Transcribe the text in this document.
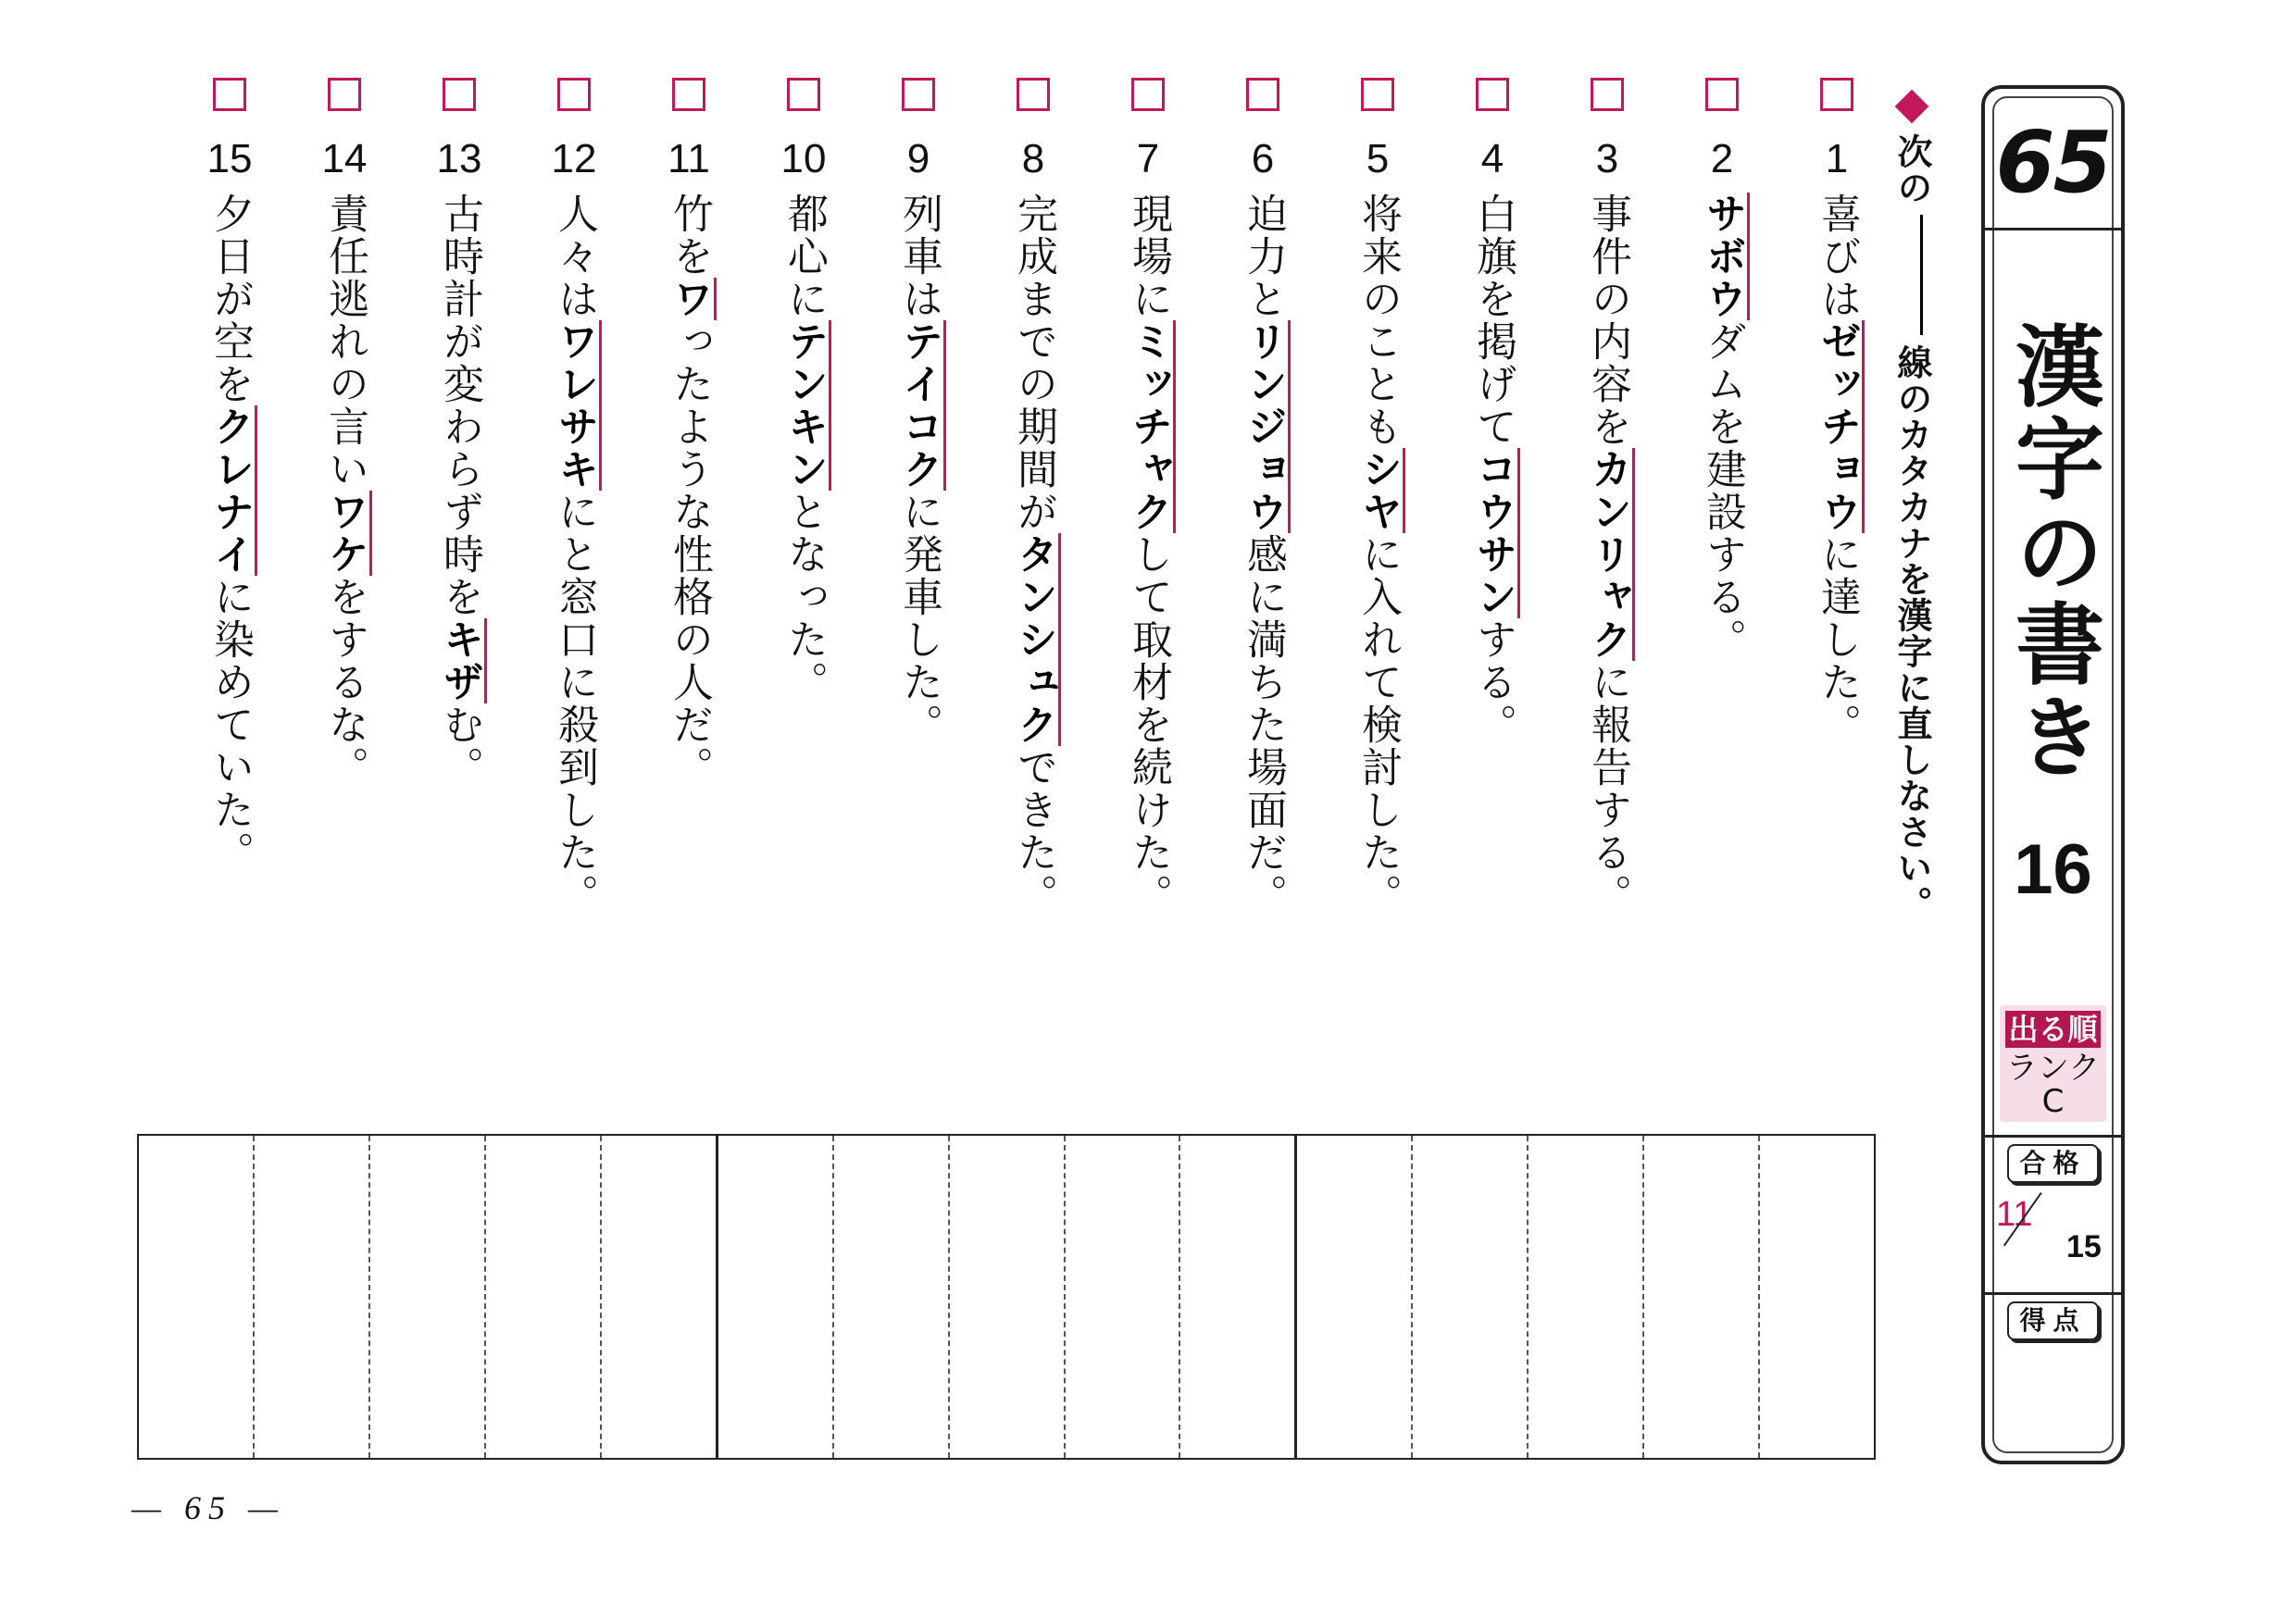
1
喜びはゼッチョウに達した。
2
サボウダムを建設する。
3
事件の内容をカンリャクに報告する。
4
白旗を掲げてコウサンする。
5
将来のこともシヤに入れて検討した。
6
迫力とリンジョウ感に満ちた場面だ。
7
現場にミッチャクして取材を続けた。
8
完成までの期間がタンシュクできた。
9
列車はテイコクに発車した。
10
都心にテンキンとなった。
11
竹をワったような性格の人だ。
12
人々はワレサキにと窓口に殺到した。
13
古時計が変わらず時をキザむ。
14
責任逃れの言いワケをするな。
15
夕日が空をクレナイに染めていた。
次の線のカタカナを漢字に直しなさい。
65
漢字の書き
16
出る順
ランク
C
合格
11
15
得点
— 65 —
